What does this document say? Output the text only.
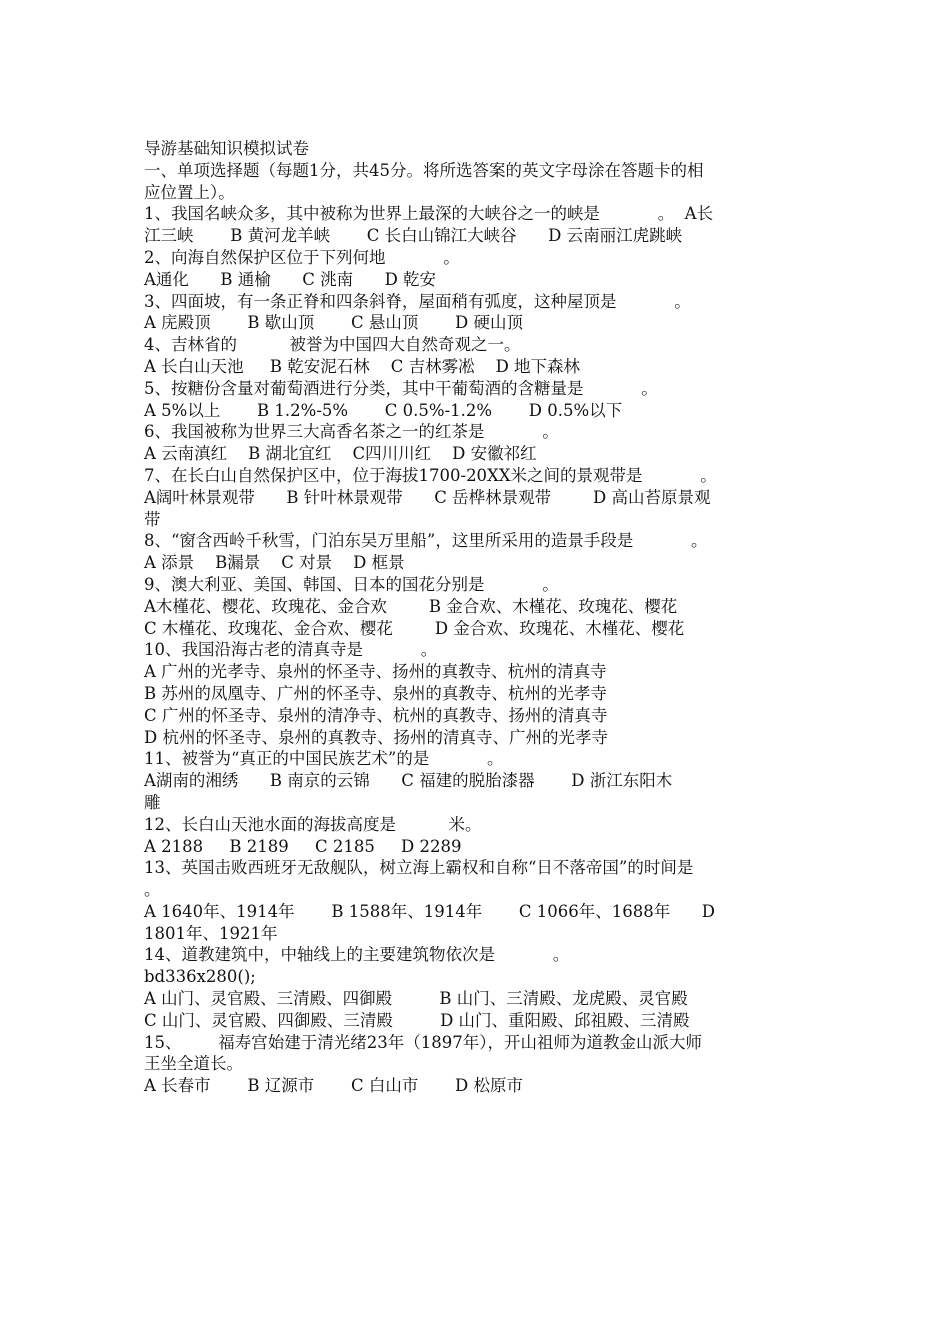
导游基础知识模拟试卷
一、单项选择题（每题1分，共45分。将所选答案的英文字母涂在答题卡的相
应位置上）。
1、我国名峡众多，其中被称为世界上最深的大峡谷之一的峡是           。  A长
江三峡       B 黄河龙羊峡       C 长白山锦江大峡谷      D 云南丽江虎跳峡
2、向海自然保护区位于下列何地           。
A通化      B 通榆      C 洮南      D 乾安
3、四面坡，有一条正脊和四条斜脊，屋面稍有弧度，这种屋顶是           。
A 庑殿顶       B 歇山顶       C 悬山顶       D 硬山顶
4、吉林省的          被誉为中国四大自然奇观之一。
A 长白山天池     B 乾安泥石林    C 吉林雾凇    D 地下森林
5、按糖份含量对葡萄酒进行分类，其中干葡萄酒的含糖量是           。
A 5%以上       B 1.2%-5%       C 0.5%-1.2%       D 0.5%以下
6、我国被称为世界三大高香名茶之一的红茶是           。
A 云南滇红    B 湖北宜红    C四川川红    D 安徽祁红
7、在长白山自然保护区中，位于海拔1700-20XX米之间的景观带是           。
A阔叶林景观带      B 针叶林景观带      C 岳桦林景观带        D 高山苔原景观
带
8、“窗含西岭千秋雪，门泊东吴万里船”，这里所采用的造景手段是           。
A 添景    B漏景    C 对景    D 框景
9、澳大利亚、美国、韩国、日本的国花分别是           。
A木槿花、樱花、玫瑰花、金合欢        B 金合欢、木槿花、玫瑰花、樱花
C 木槿花、玫瑰花、金合欢、樱花        D 金合欢、玫瑰花、木槿花、樱花
10、我国沿海古老的清真寺是           。
A 广州的光孝寺、泉州的怀圣寺、扬州的真教寺、杭州的清真寺
B 苏州的凤凰寺、广州的怀圣寺、泉州的真教寺、杭州的光孝寺
C 广州的怀圣寺、泉州的清净寺、杭州的真教寺、扬州的清真寺
D 杭州的怀圣寺、泉州的真教寺、扬州的清真寺、广州的光孝寺
11、被誉为“真正的中国民族艺术”的是           。
A湖南的湘绣      B 南京的云锦      C 福建的脱胎漆器       D 浙江东阳木
雕
12、长白山天池水面的海拔高度是          米。
A 2188     B 2189     C 2185     D 2289
13、英国击败西班牙无敌舰队，树立海上霸权和自称“日不落帝国”的时间是
。
A 1640年、1914年       B 1588年、1914年       C 1066年、1688年      D
1801年、1921年
14、道教建筑中，中轴线上的主要建筑物依次是           。
bd336x280();
A 山门、灵官殿、三清殿、四御殿         B 山门、三清殿、龙虎殿、灵官殿
C 山门、灵官殿、四御殿、三清殿         D 山门、重阳殿、邱祖殿、三清殿
15、       福寿宫始建于清光绪23年（1897年），开山祖师为道教金山派大师
王坐全道长。
A 长春市       B 辽源市       C 白山市       D 松原市
